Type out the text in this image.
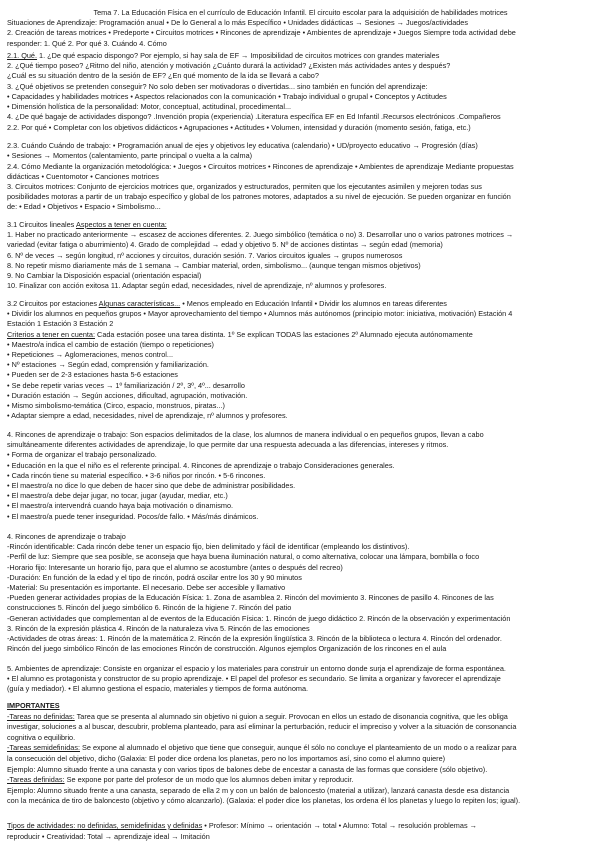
Tema 7. La Educación Física en el currículo de Educación Infantil. El circuito escolar para la adquisición de habilidades motrices
Situaciones de Aprendizaje: Programación anual • De lo General a lo más Específico • Unidades didácticas → Sesiones → Juegos/actividades
2. Creación de tareas motrices • Predeporte • Circuitos motrices • Rincones de aprendizaje • Ambientes de aprendizaje • Juegos Siempre toda actividad debe
responder: 1. Qué 2. Por qué 3. Cuándo 4. Cómo
2.1. Qué. 1. ¿De qué espacio dispongo? Por ejemplo, si hay sala de EF → Imposibilidad de circuitos motrices con grandes materiales
2. ¿Qué tiempo poseo? ¿Ritmo del niño, atención y motivación ¿Cuánto durará la actividad? ¿Existen más actividades antes y después?
¿Cuál es su situación dentro de la sesión de EF? ¿En qué momento de la ida se llevará a cabo?
3. ¿Qué objetivos se pretenden conseguir? No solo deben ser motivadoras o divertidas... sino también en función del aprendizaje:
• Capacidades y habilidades motrices • Aspectos relacionados con la comunicación • Trabajo individual o grupal • Conceptos y Actitudes
• Dimensión holística de la personalidad: Motor, conceptual, actitudinal, procedimental...
4. ¿De qué bagaje de actividades dispongo? .Invención propia (experiencia) .Literatura específica EF en Ed Infantil .Recursos electrónicos .Compañeros
2.2. Por qué • Completar con los objetivos didácticos • Agrupaciones • Actitudes • Volumen, intensidad y duración (momento sesión, fatiga, etc.)
2.3. Cuándo Cuándo de trabajo: • Programación anual de ejes y objetivos ley educativa (calendario) • UD/proyecto educativo → Progresión (días)
• Sesiones → Momentos (calentamiento, parte principal o vuelta a la calma)
2.4. Cómo Mediante la organización metodológica: • Juegos • Circuitos motrices • Rincones de aprendizaje • Ambientes de aprendizaje Mediante propuestas
didácticas • Cuentomotor • Canciones motrices
3. Circuitos motrices: Conjunto de ejercicios motrices que, organizados y estructurados, permiten que los ejecutantes asimilen y mejoren todas sus
posibilidades motoras a partir de un trabajo específico y global de los patrones motores, adaptados a su nivel de ejecución. Se pueden organizar en función
de: • Edad • Objetivos • Espacio • Simbolismo...
3.1 Circuitos lineales Aspectos a tener en cuenta:
1. Haber no practicado anteriormente → escasez de acciones diferentes. 2. Juego simbólico (temática o no) 3. Desarrollar uno o varios patrones motrices →
variedad (evitar fatiga o aburrimiento) 4. Grado de complejidad → edad y objetivo 5. Nº de acciones distintas → según edad (memoria)
6. Nº de veces → según longitud, nº acciones y circuitos, duración sesión. 7. Varios circuitos iguales → grupos numerosos
8. No repetir mismo diariamente más de 1 semana → Cambiar material, orden, simbolismo... (aunque tengan mismos objetivos)
9. No Cambiar la Disposición espacial (orientación espacial)
10. Finalizar con acción exitosa 11. Adaptar según edad, necesidades, nivel de aprendizaje, nº alumnos y profesores.
3.2 Circuitos por estaciones Algunas características... • Menos empleado en Educación Infantil • Dividir los alumnos en tareas diferentes
• Dividir los alumnos en pequeños grupos • Mayor aprovechamiento del tiempo • Alumnos más autónomos (principio motor: iniciativa, motivación) Estación 4
Estación 1 Estación 3 Estación 2
Criterios a tener en cuenta: Cada estación posee una tarea distinta. 1º Se explican TODAS las estaciones 2º Alumnado ejecuta autónomamente
• Maestro/a indica el cambio de estación (tiempo o repeticiones)
• Repeticiones → Aglomeraciones, menos control...
• Nº estaciones → Según edad, comprensión y familiarización.
• Pueden ser de 2-3 estaciones hasta 5-6 estaciones
• Se debe repetir varias veces → 1º familiarización / 2º, 3º, 4º... desarrollo
• Duración estación → Según acciones, dificultad, agrupación, motivación.
• Mismo simbolismo-temática (Circo, espacio, monstruos, piratas...)
• Adaptar siempre a edad, necesidades, nivel de aprendizaje, nº alumnos y profesores.
4. Rincones de aprendizaje o trabajo: Son espacios delimitados de la clase, los alumnos de manera individual o en pequeños grupos, llevan a cabo
simultáneamente diferentes actividades de aprendizaje, lo que permite dar una respuesta adecuada a las diferencias, intereses y ritmos.
• Forma de organizar el trabajo personalizado.
• Educación en la que el niño es el referente principal. 4. Rincones de aprendizaje o trabajo Consideraciones generales.
• Cada rincón tiene su material específico. • 3-6 niños por rincón. • 5-6 rincones.
• El maestro/a no dice lo que deben de hacer sino que debe de administrar posibilidades.
• El maestro/a debe dejar jugar, no tocar, jugar (ayudar, mediar, etc.)
• El maestro/a intervendrá cuando haya baja motivación o dinamismo.
• El maestro/a puede tener inseguridad. Pocos/de fallo. • Más/más dinámicos.
4. Rincones de aprendizaje o trabajo
-Rincón identificable: Cada rincón debe tener un espacio fijo, bien delimitado y fácil de identificar (empleando los distintivos).
-Perfil de luz: Siempre que sea posible, se aconseja que haya buena iluminación natural, o como alternativa, colocar una lámpara, bombilla o foco
-Horario fijo: Interesante un horario fijo, para que el alumno se acostumbre (antes o después del recreo)
-Duración: En función de la edad y el tipo de rincón, podrá oscilar entre los 30 y 90 minutos
-Material: Su presentación es importante. El necesario. Debe ser accesible y llamativo
-Pueden generar actividades propias de la Educación Física: 1. Zona de asamblea 2. Rincón del movimiento 3. Rincones de pasillo 4. Rincones de las
construcciones 5. Rincón del juego simbólico 6. Rincón de la higiene 7. Rincón del patio
-Generan actividades que complementan al de eventos de la Educación Física: 1. Rincón de juego didáctico 2. Rincón de la observación y experimentación
3. Rincón de la expresión plástica 4. Rincón de la naturaleza viva 5. Rincón de las emociones
-Actividades de otras áreas: 1. Rincón de la matemática 2. Rincón de la expresión lingüística 3. Rincón de la biblioteca o lectura 4. Rincón del ordenador.
Rincón del juego simbólico Rincón de las emociones Rincón de construcción. Algunos ejemplos Organización de los rincones en el aula
5. Ambientes de aprendizaje: Consiste en organizar el espacio y los materiales para construir un entorno donde surja el aprendizaje de forma espontánea.
• El alumno es protagonista y constructor de su propio aprendizaje. • El papel del profesor es secundario. Se limita a organizar y favorecer el aprendizaje
(guía y mediador). • El alumno gestiona el espacio, materiales y tiempos de forma autónoma.
IMPORTANTES
-Tareas no definidas: Tarea que se presenta al alumnado sin objetivo ni guion a seguir. Provocan en ellos un estado de disonancia cognitiva, que les obliga
investigar, soluciones a al buscar, descubrir, problema planteado, para así eliminar la perturbación, reducir el impreciso y volver a la situación de consonancia
cognitiva o equilibrio.
-Tareas semidefinidas: Se expone al alumnado el objetivo que tiene que conseguir, aunque él sólo no concluye el planteamiento de un modo o a realizar para
la consecución del objetivo, dicho (Galaxia: El poder dice ordena los planetas, pero no los importamos así, sino como el alumno quiere)
Ejemplo: Alumno situado frente a una canasta y con varios tipos de balones debe de encestar a canasta de las formas que considere (sólo objetivo).
-Tareas definidas: Se expone por parte del profesor de un modo que los alumnos deben imitar y reproducir.
Ejemplo: Alumno situado frente a una canasta, separado de ella 2 m y con un balón de baloncesto (material a utilizar), lanzará canasta desde esa distancia
con la mecánica de tiro de baloncesto (objetivo y cómo alcanzarlo). (Galaxia: el poder dice los planetas, los ordena él los planetas y luego lo repiten los; igual).
Tipos de actividades: no definidas, semidefinidas y definidas • Profesor: Mínimo → orientación → total • Alumno: Total → resolución problemas →
reproducir • Creatividad: Total → aprendizaje ideal → Imitación
